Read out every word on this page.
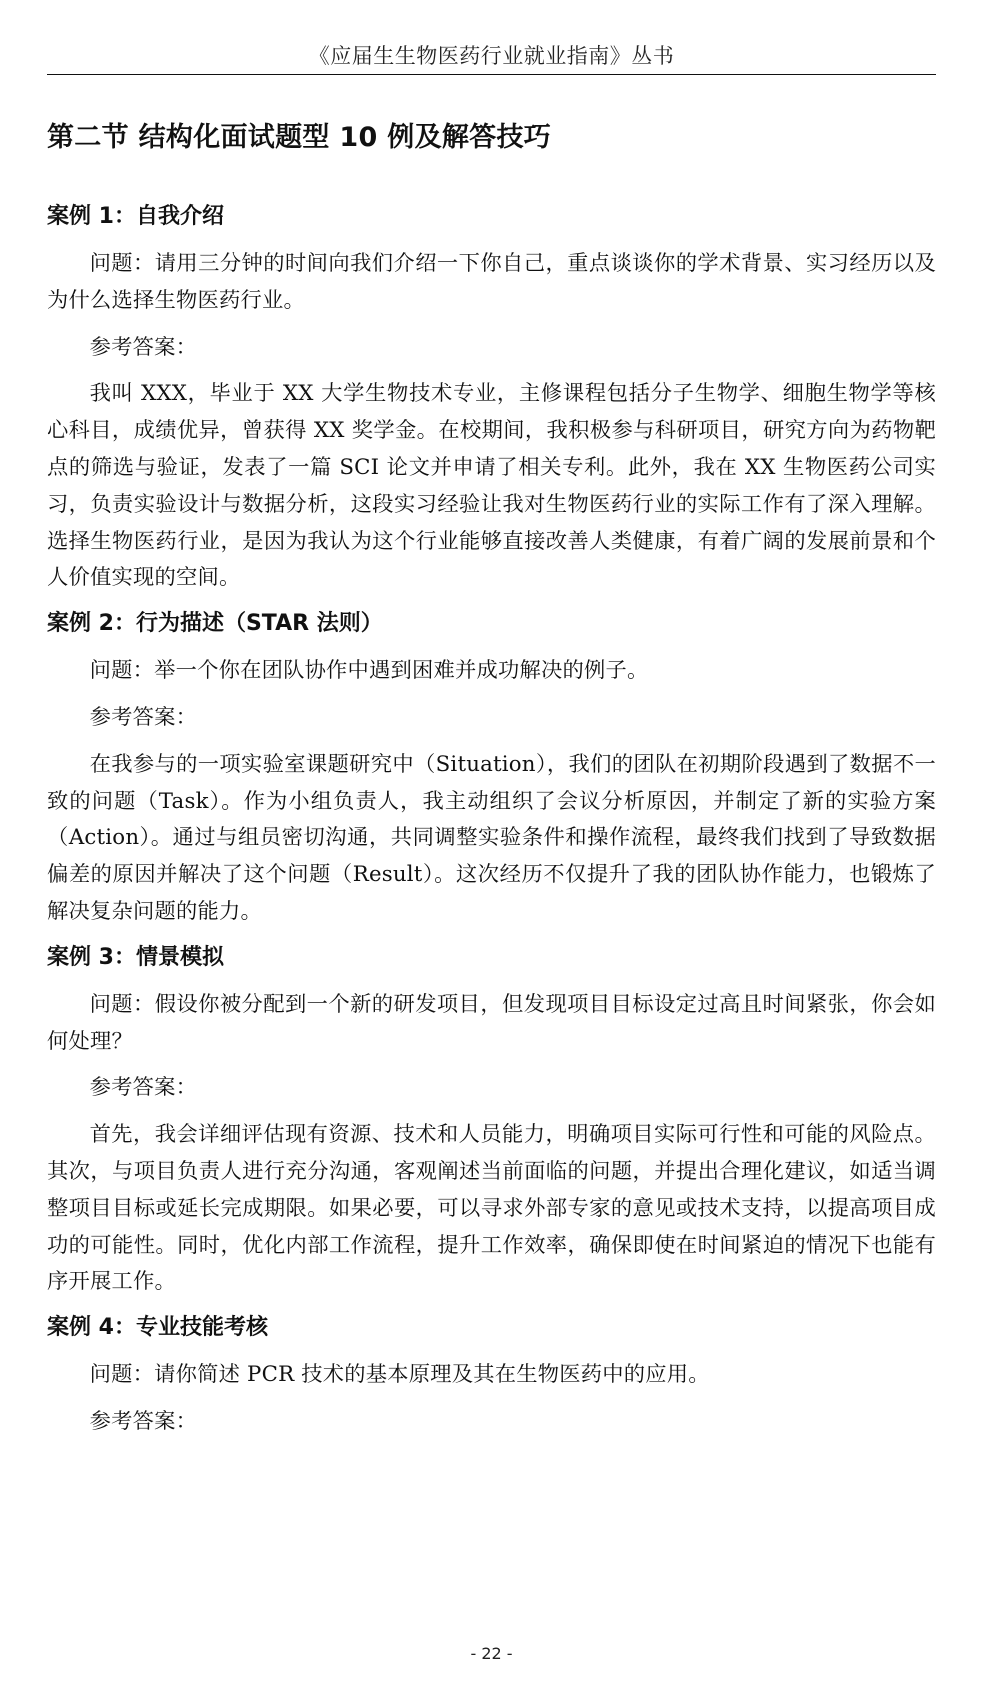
《应届生生物医药行业就业指南》丛书
第二节 结构化面试题型 10 例及解答技巧
案例 1：自我介绍

问题：请用三分钟的时间向我们介绍一下你自己，重点谈谈你的学术背景、实习经历以及为什么选择生物医药行业。

参考答案：

我叫 XXX，毕业于 XX 大学生物技术专业，主修课程包括分子生物学、细胞生物学等核心科目，成绩优异，曾获得 XX 奖学金。在校期间，我积极参与科研项目，研究方向为药物靶点的筛选与验证，发表了一篇 SCI 论文并申请了相关专利。此外，我在 XX 生物医药公司实习，负责实验设计与数据分析，这段实习经验让我对生物医药行业的实际工作有了深入理解。选择生物医药行业，是因为我认为这个行业能够直接改善人类健康，有着广阔的发展前景和个人价值实现的空间。

案例 2：行为描述（STAR 法则）

问题：举一个你在团队协作中遇到困难并成功解决的例子。

参考答案：

在我参与的一项实验室课题研究中（Situation），我们的团队在初期阶段遇到了数据不一致的问题（Task）。作为小组负责人，我主动组织了会议分析原因，并制定了新的实验方案（Action）。通过与组员密切沟通，共同调整实验条件和操作流程，最终我们找到了导致数据偏差的原因并解决了这个问题（Result）。这次经历不仅提升了我的团队协作能力，也锻炼了解决复杂问题的能力。

案例 3：情景模拟

问题：假设你被分配到一个新的研发项目，但发现项目目标设定过高且时间紧张，你会如何处理？

参考答案：

首先，我会详细评估现有资源、技术和人员能力，明确项目实际可行性和可能的风险点。其次，与项目负责人进行充分沟通，客观阐述当前面临的问题，并提出合理化建议，如适当调整项目目标或延长完成期限。如果必要，可以寻求外部专家的意见或技术支持，以提高项目成功的可能性。同时，优化内部工作流程，提升工作效率，确保即使在时间紧迫的情况下也能有序开展工作。

案例 4：专业技能考核

问题：请你简述 PCR 技术的基本原理及其在生物医药中的应用。

参考答案：

- 22 -
